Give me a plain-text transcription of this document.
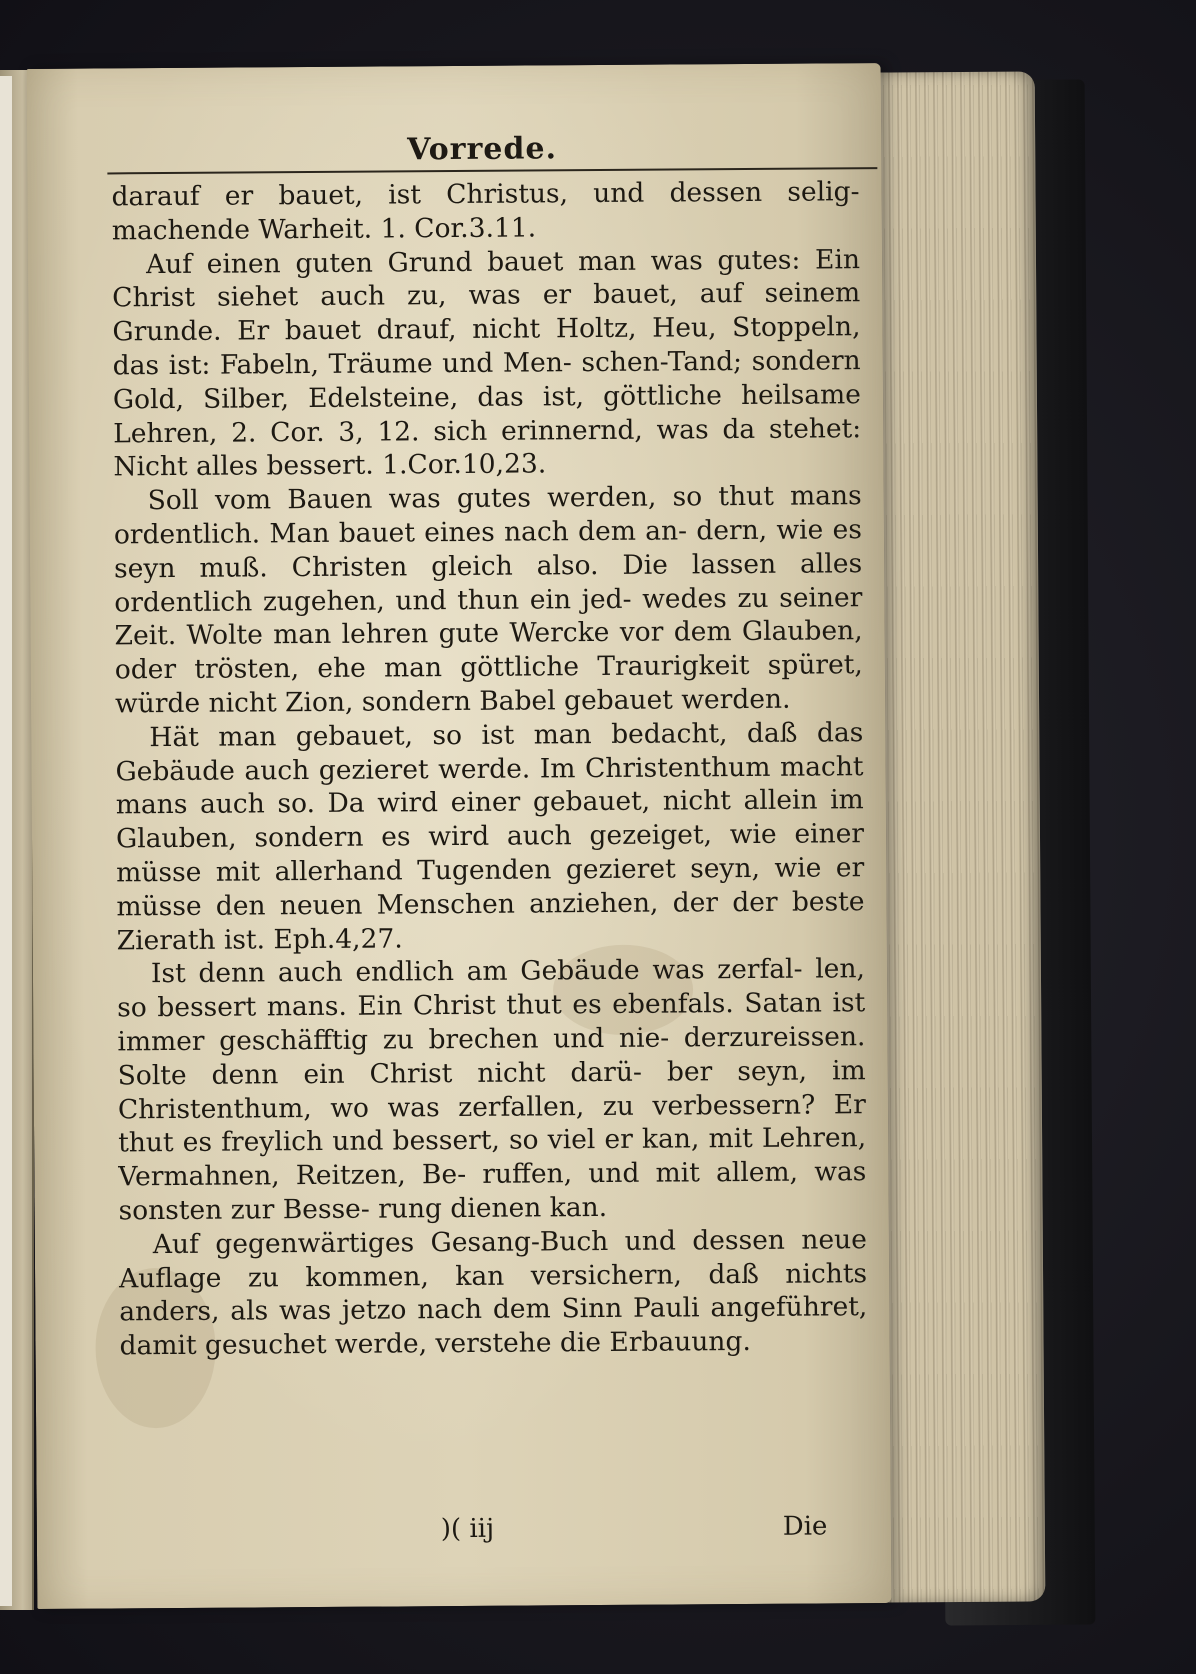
Vorrede.

darauf er bauet, ist Christus, und dessen selig- machende Warheit. 1. Cor.3.11.

Auf einen guten Grund bauet man was gutes: Ein Christ siehet auch zu, was er bauet, auf seinem Grunde. Er bauet drauf, nicht Holtz, Heu, Stoppeln, das ist: Fabeln, Träume und Men- schen-Tand; sondern Gold, Silber, Edelsteine, das ist, göttliche heilsame Lehren, 2. Cor. 3, 12. sich erinnernd, was da stehet: Nicht alles bessert. 1.Cor.10,23.

Soll vom Bauen was gutes werden, so thut mans ordentlich. Man bauet eines nach dem an- dern, wie es seyn muß. Christen gleich also. Die lassen alles ordentlich zugehen, und thun ein jed- wedes zu seiner Zeit. Wolte man lehren gute Wercke vor dem Glauben, oder trösten, ehe man göttliche Traurigkeit spüret, würde nicht Zion, sondern Babel gebauet werden.

Hät man gebauet, so ist man bedacht, daß das Gebäude auch gezieret werde. Im Christenthum macht mans auch so. Da wird einer gebauet, nicht allein im Glauben, sondern es wird auch gezeiget, wie einer müsse mit allerhand Tugenden gezieret seyn, wie er müsse den neuen Menschen anziehen, der der beste Zierath ist. Eph.4,27.

Ist denn auch endlich am Gebäude was zerfal- len, so bessert mans. Ein Christ thut es ebenfals. Satan ist immer geschäfftig zu brechen und nie- derzureissen. Solte denn ein Christ nicht darü- ber seyn, im Christenthum, wo was zerfallen, zu verbessern? Er thut es freylich und bessert, so viel er kan, mit Lehren, Vermahnen, Reitzen, Be- ruffen, und mit allem, was sonsten zur Besse- rung dienen kan.

Auf gegenwärtiges Gesang-Buch und dessen neue Auflage zu kommen, kan versichern, daß nichts anders, als was jetzo nach dem Sinn Pauli angeführet, damit gesuchet werde, verstehe die Erbauung.

)( iij	Die
